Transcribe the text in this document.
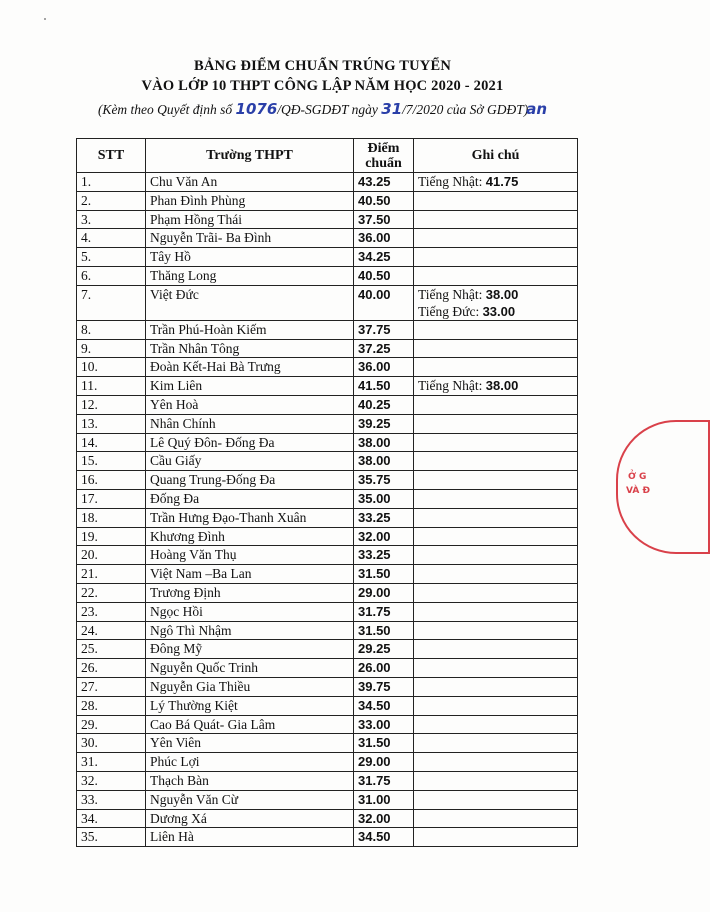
BẢNG ĐIỂM CHUẨN TRÚNG TUYỂN
VÀO LỚP 10 THPT CÔNG LẬP NĂM HỌC 2020 - 2021
(Kèm theo Quyết định số 1076/QĐ-SGDĐT ngày 31/7/2020 của Sở GDĐT)an
STT	Trường THPT	Điểm chuẩn	Ghi chú
1.	Chu Văn An	43.25	Tiếng Nhật: 41.75

2.	Phan Đình Phùng	40.50	
3.	Phạm Hồng Thái	37.50	
4.	Nguyễn Trãi- Ba Đình	36.00	
5.	Tây Hồ	34.25	
6.	Thăng Long	40.50	
7.	Việt Đức	40.00	Tiếng Nhật: 38.00
Tiếng Đức: 33.00

8.	Trần Phú-Hoàn Kiếm	37.75	
9.	Trần Nhân Tông	37.25	
10.	Đoàn Kết-Hai Bà Trưng	36.00	
11.	Kim Liên	41.50	Tiếng Nhật: 38.00

12.	Yên Hoà	40.25	
13.	Nhân Chính	39.25	
14.	Lê Quý Đôn- Đống Đa	38.00	
15.	Cầu Giấy	38.00	
16.	Quang Trung-Đống Đa	35.75	
17.	Đống Đa	35.00	
18.	Trần Hưng Đạo-Thanh Xuân	33.25	
19.	Khương Đình	32.00	
20.	Hoàng Văn Thụ	33.25	
21.	Việt Nam –Ba Lan	31.50	
22.	Trương Định	29.00	
23.	Ngọc Hồi	31.75	
24.	Ngô Thì Nhậm	31.50	
25.	Đông Mỹ	29.25	
26.	Nguyễn Quốc Trinh	26.00	
27.	Nguyễn Gia Thiều	39.75	
28.	Lý Thường Kiệt	34.50	
29.	Cao Bá Quát- Gia Lâm	33.00	
30.	Yên Viên	31.50	
31.	Phúc Lợi	29.00	
32.	Thạch Bàn	31.75	
33.	Nguyễn Văn Cừ	31.00	
34.	Dương Xá	32.00	
35.	Liên Hà	34.50	
Ở G
VÀ Đ
